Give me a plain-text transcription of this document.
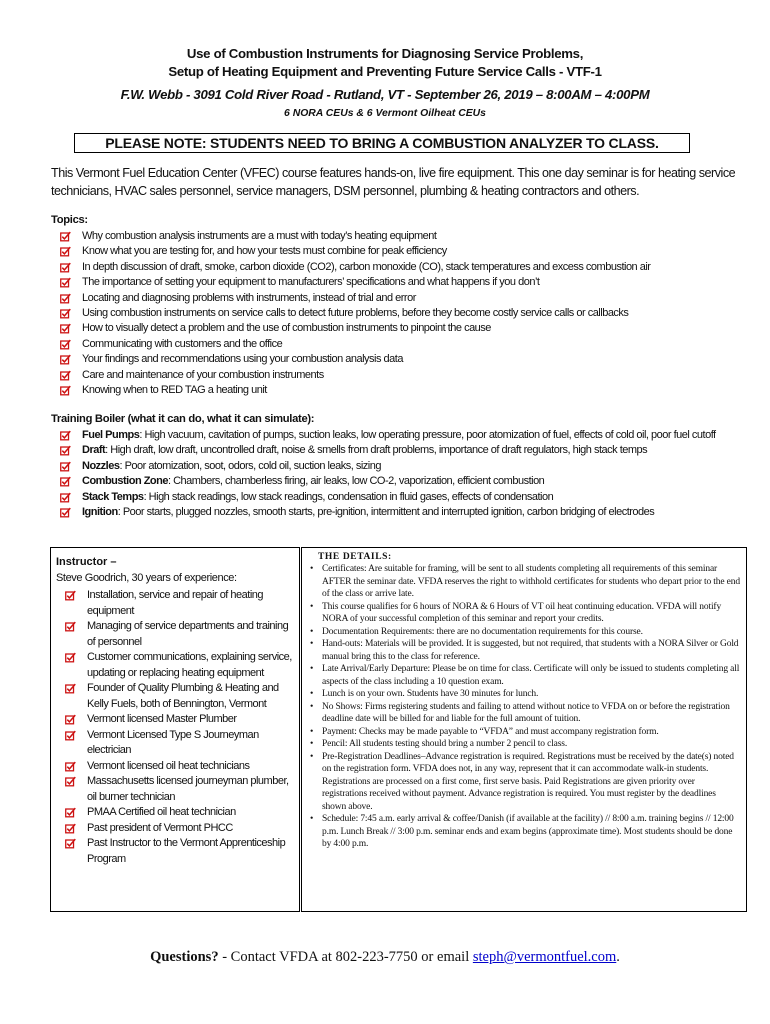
Use of Combustion Instruments for Diagnosing Service Problems,
Setup of Heating Equipment and Preventing Future Service Calls - VTF-1
F.W. Webb - 3091 Cold River Road - Rutland, VT - September 26, 2019 – 8:00AM – 4:00PM
6 NORA CEUs & 6 Vermont Oilheat CEUs
PLEASE NOTE: STUDENTS NEED TO BRING A COMBUSTION ANALYZER TO CLASS.
This Vermont Fuel Education Center (VFEC) course features hands-on, live fire equipment. This one day seminar is for heating service technicians, HVAC sales personnel, service managers, DSM personnel, plumbing & heating contractors and others.
Topics:
Why combustion analysis instruments are a must with today’s heating equipment
Know what you are testing for, and how your tests must combine for peak efficiency
In depth discussion of draft, smoke, carbon dioxide (CO2), carbon monoxide (CO), stack temperatures and excess combustion air
The importance of setting your equipment to manufacturers’ specifications and what happens if you don’t
Locating and diagnosing problems with instruments, instead of trial and error
Using combustion instruments on service calls to detect future problems, before they become costly service calls or callbacks
How to visually detect a problem and the use of combustion instruments to pinpoint the cause
Communicating with customers and the office
Your findings and recommendations using your combustion analysis data
Care and maintenance of your combustion instruments
Knowing when to RED TAG a heating unit
Training Boiler (what it can do, what it can simulate):
Fuel Pumps: High vacuum, cavitation of pumps, suction leaks, low operating pressure, poor atomization of fuel, effects of cold oil, poor fuel cutoff
Draft: High draft, low draft, uncontrolled draft, noise & smells from draft problems, importance of draft regulators, high stack temps
Nozzles: Poor atomization, soot, odors, cold oil, suction leaks, sizing
Combustion Zone: Chambers, chamberless firing, air leaks, low CO-2, vaporization, efficient combustion
Stack Temps: High stack readings, low stack readings, condensation in fluid gases, effects of condensation
Ignition: Poor starts, plugged nozzles, smooth starts, pre-ignition, intermittent and interrupted ignition, carbon bridging of electrodes
Instructor –
Steve Goodrich, 30 years of experience:
Installation, service and repair of heating equipment
Managing of service departments and training of personnel
Customer communications, explaining service, updating or replacing heating equipment
Founder of Quality Plumbing & Heating and Kelly Fuels, both of Bennington, Vermont
Vermont licensed Master Plumber
Vermont Licensed Type S Journeyman electrician
Vermont licensed oil heat technicians
Massachusetts licensed journeyman plumber, oil burner technician
PMAA Certified oil heat technician
Past president of Vermont PHCC
Past Instructor to the Vermont Apprenticeship Program
THE DETAILS:
• Certificates: Are suitable for framing, will be sent to all students completing all requirements of this seminar AFTER the seminar date. VFDA reserves the right to withhold certificates for students who depart prior to the end of the class or arrive late.
• This course qualifies for 6 hours of NORA & 6 Hours of VT oil heat continuing education. VFDA will notify NORA of your successful completion of this seminar and report your credits.
• Documentation Requirements: there are no documentation requirements for this course.
• Hand-outs: Materials will be provided. It is suggested, but not required, that students with a NORA Silver or Gold manual bring this to the class for reference.
• Late Arrival/Early Departure: Please be on time for class. Certificate will only be issued to students completing all aspects of the class including a 10 question exam.
• Lunch is on your own. Students have 30 minutes for lunch.
• No Shows: Firms registering students and failing to attend without notice to VFDA on or before the registration deadline date will be billed for and liable for the full amount of tuition.
• Payment: Checks may be made payable to “VFDA” and must accompany registration form.
• Pencil: All students testing should bring a number 2 pencil to class.
• Pre-Registration Deadlines–Advance registration is required. Registrations must be received by the date(s) noted on the registration form. VFDA does not, in any way, represent that it can accommodate walk-in students. Registrations are processed on a first come, first serve basis. Paid Registrations are given priority over registrations received without payment. Advance registration is required. You must register by the deadlines shown above.
• Schedule: 7:45 a.m. early arrival & coffee/Danish (if available at the facility) // 8:00 a.m. training begins // 12:00 p.m. Lunch Break // 3:00 p.m. seminar ends and exam begins (approximate time). Most students should be done by 4:00 p.m.
Questions? - Contact VFDA at 802-223-7750 or email steph@vermontfuel.com.
